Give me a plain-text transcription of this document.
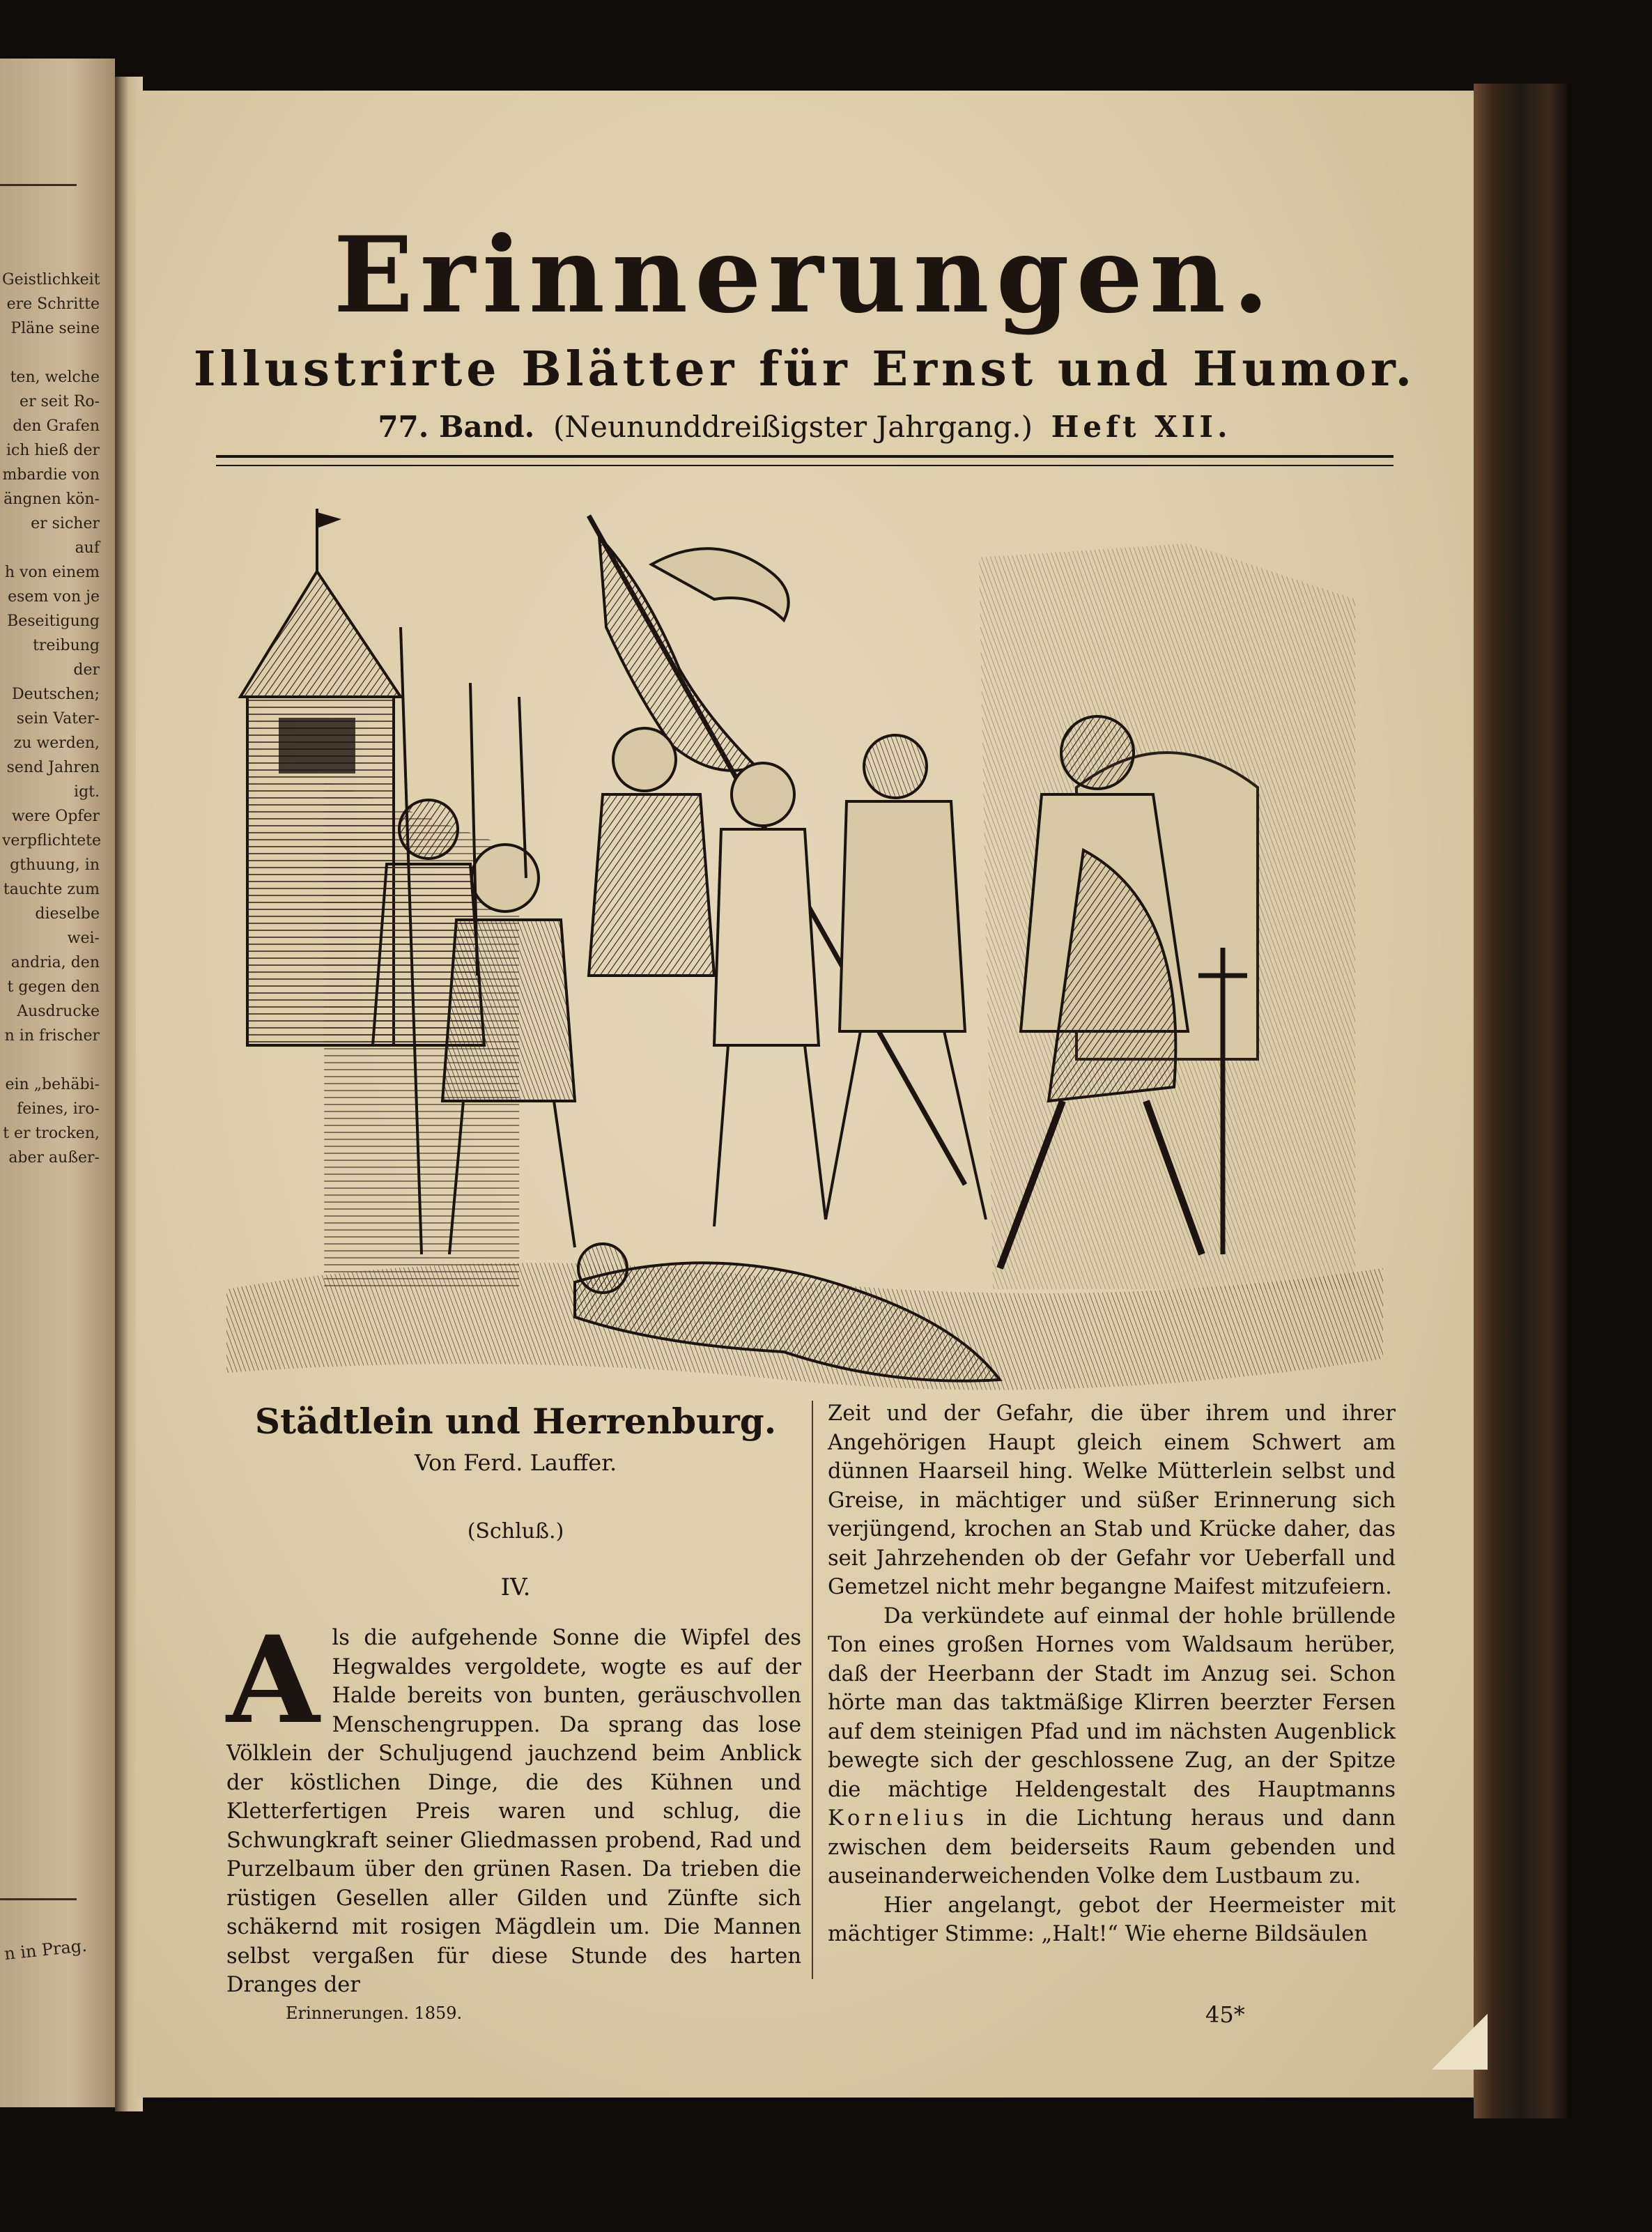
Geistlichkeit
ere Schritte
Pläne seine

ten, welche
er seit Ro-
den Grafen
ich hieß der
mbardie von
ängnen kön-
er sicher auf
h von einem
esem von je
Beseitigung
treibung der
Deutschen;
sein Vater-
zu werden,
send Jahren
igt.
were Opfer
verpflichtete
gthuung, in
tauchte zum
dieselbe wei-
andria, den
t gegen den
Ausdrucke
n in frischer

ein „behäbi-
feines, iro-
t er trocken,
aber außer-
n in Prag.
Erinnerungen.
Illustrirte Blätter für Ernst und Humor.
77. Band. (Neununddreißigster Jahrgang.) Heft XII.
Städtlein und Herrenburg.
Von Ferd. Lauffer.
(Schluß.)
IV.

Als die aufgehende Sonne die Wipfel des Hegwaldes vergoldete, wogte es auf der Halde bereits von bunten, geräuschvollen Menschengruppen. Da sprang das lose Völklein der Schuljugend jauchzend beim Anblick der köstlichen Dinge, die des Kühnen und Kletterfertigen Preis waren und schlug, die Schwungkraft seiner Gliedmassen probend, Rad und Purzelbaum über den grünen Rasen. Da trieben die rüstigen Gesellen aller Gilden und Zünfte sich schäkernd mit rosigen Mägdlein um. Die Mannen selbst vergaßen für diese Stunde des harten Dranges der

Zeit und der Gefahr, die über ihrem und ihrer Angehörigen Haupt gleich einem Schwert am dünnen Haarseil hing. Welke Mütterlein selbst und Greise, in mächtiger und süßer Erinnerung sich verjüngend, krochen an Stab und Krücke daher, das seit Jahrzehenden ob der Gefahr vor Ueberfall und Gemetzel nicht mehr begangne Maifest mitzufeiern.

Da verkündete auf einmal der hohle brüllende Ton eines großen Hornes vom Waldsaum herüber, daß der Heerbann der Stadt im Anzug sei. Schon hörte man das taktmäßige Klirren beerzter Fersen auf dem steinigen Pfad und im nächsten Augenblick bewegte sich der geschlossene Zug, an der Spitze die mächtige Heldengestalt des Hauptmanns Kornelius in die Lichtung heraus und dann zwischen dem beiderseits Raum gebenden und auseinanderweichenden Volke dem Lustbaum zu.

Hier angelangt, gebot der Heermeister mit mächtiger Stimme: „Halt!“ Wie eherne Bildsäulen

Erinnerungen. 1859.	45*
